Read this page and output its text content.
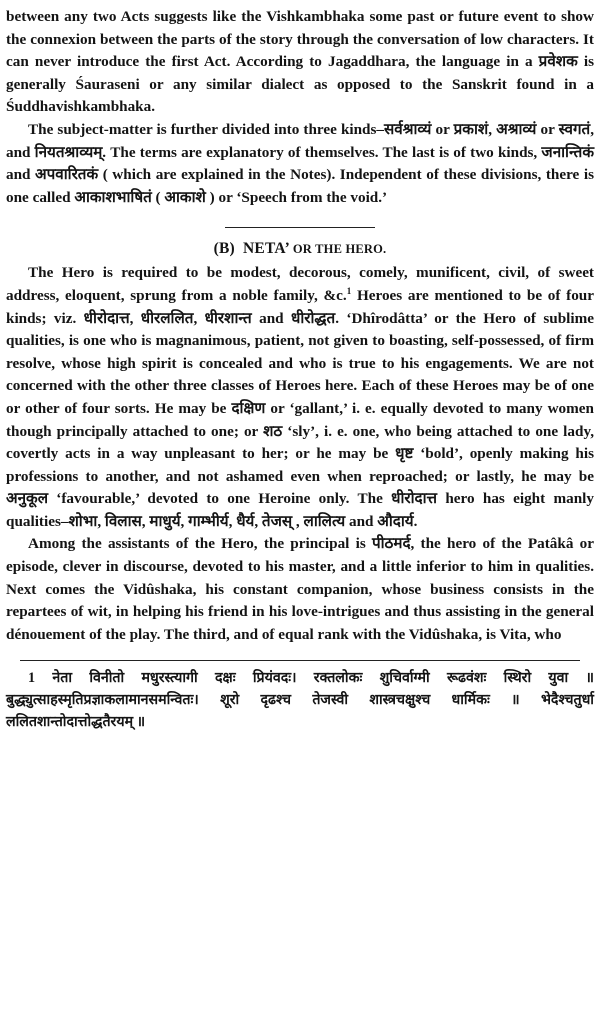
between any two Acts suggests like the Vishkambhaka some past or future event to show the connexion between the parts of the story through the conversation of low characters. It can never introduce the first Act. According to Jagaddhara, the language in a प्रवेशक is generally Śauraseni or any similar dialect as opposed to the Sanskrit found in a Śuddhavishkambhaka.

The subject-matter is further divided into three kinds–सर्वश्राव्यं or प्रकाशं, अश्राव्यं or स्वगतं, and नियतश्राव्यम्. The terms are explanatory of themselves. The last is of two kinds, जनान्तिकं and अपवारितकं ( which are explained in the Notes). Independent of these divisions, there is one called आकाशभाषितं ( आकाशे ) or ‘Speech from the void.’

(B) NETA’ OR THE HERO.

The Hero is required to be modest, decorous, comely, munificent, civil, of sweet address, eloquent, sprung from a noble family, &c.$^1$ Heroes are mentioned to be of four kinds; viz. धीरोदात्त, धीरललित, धीरशान्त and धीरोद्धत. ‘Dhîrodâtta’ or the Hero of sublime qualities, is one who is magnanimous, patient, not given to boasting, self-possessed, of firm resolve, whose high spirit is concealed and who is true to his engagements. We are not concerned with the other three classes of Heroes here. Each of these Heroes may be of one or other of four sorts. He may be दक्षिण or ‘gallant,’ i. e. equally devoted to many women though principally attached to one; or शठ ‘sly’, i. e. one, who being attached to one lady, covertly acts in a way unpleasant to her; or he may be धृष्ट ‘bold’, openly making his professions to another, and not ashamed even when reproached; or lastly, he may be अनुकूल ‘favourable,’ devoted to one Heroine only. The धीरोदात्त hero has eight manly qualities–शोभा, विलास, माधुर्य, गाम्भीर्य, धैर्य, तेजस् , लालित्य and औदार्य.

Among the assistants of the Hero, the principal is पीठमर्द, the hero of the Patâkâ or episode, clever in discourse, devoted to his master, and a little inferior to him in qualities. Next comes the Vidûshaka, his constant companion, whose business consists in the repartees of wit, in helping his friend in his love-intrigues and thus assisting in the general dénouement of the play. The third, and of equal rank with the Vidûshaka, is Vita, who

1 नेता विनीतो मधुरस्त्यागी दक्षः प्रियंवदः। रक्तलोकः शुचिर्वाग्मी रूढवंशः स्थिरो युवा ॥ बुद्ध्युत्साहस्मृतिप्रज्ञाकलामानसमन्वितः। शूरो दृढश्च तेजस्वी शास्त्रचक्षुश्च धार्मिकः ॥ भेदैश्चतुर्धा ललितशान्तोदात्तोद्धतैरयम् ॥
